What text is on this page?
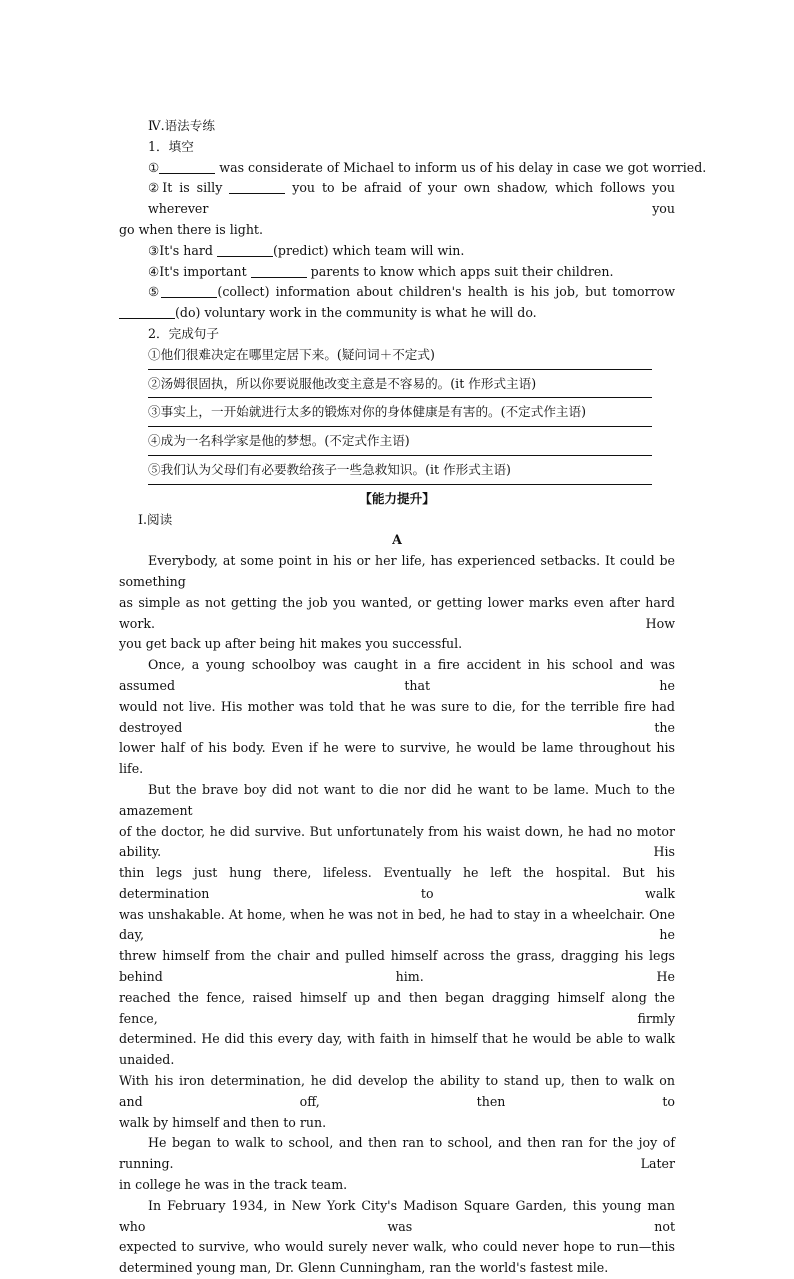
Ⅳ.语法专练
1．填空
①	was considerate of Michael to inform us of his delay in case we got worried.
②It is silly	you to be afraid of your own shadow, which follows you wherever you
go when there is light.
③It's hard	(predict) which team will win.
④It's important	parents to know which apps suit their children.
⑤	(collect) information about children's health is his job, but tomorrow
(do) voluntary work in the community is what he will do.
2．完成句子
①他们很难决定在哪里定居下来。(疑问词＋不定式)
②汤姆很固执，所以你要说服他改变主意是不容易的。(it 作形式主语)
③事实上，一开始就进行太多的锻炼对你的身体健康是有害的。(不定式作主语)
④成为一名科学家是他的梦想。(不定式作主语)
⑤我们认为父母们有必要教给孩子一些急救知识。(it 作形式主语)
【能力提升】
Ⅰ.阅读
A
Everybody, at some point in his or her life, has experienced setbacks. It could be something
as simple as not getting the job you wanted, or getting lower marks even after hard work. How
you get back up after being hit makes you successful.
Once, a young schoolboy was caught in a fire accident in his school and was assumed that he
would not live. His mother was told that he was sure to die, for the terrible fire had destroyed the
lower half of his body. Even if he were to survive, he would be lame throughout his life.
But the brave boy did not want to die nor did he want to be lame. Much to the amazement
of the doctor, he did survive. But unfortunately from his waist down, he had no motor ability. His
thin legs just hung there, lifeless. Eventually he left the hospital. But his determination to walk
was unshakable. At home, when he was not in bed, he had to stay in a wheelchair. One day, he
threw himself from the chair and pulled himself across the grass, dragging his legs behind him. He
reached the fence, raised himself up and then began dragging himself along the fence, firmly
determined. He did this every day, with faith in himself that he would be able to walk unaided.
With his iron determination, he did develop the ability to stand up, then to walk on and off, then to
walk by himself and then to run.
He began to walk to school, and then ran to school, and then ran for the joy of running. Later
in college he was in the track team.
In February 1934, in New York City's Madison Square Garden, this young man who was not
expected to survive, who would surely never walk, who could never hope to run—this
determined young man, Dr. Glenn Cunningham, ran the world's fastest mile.
